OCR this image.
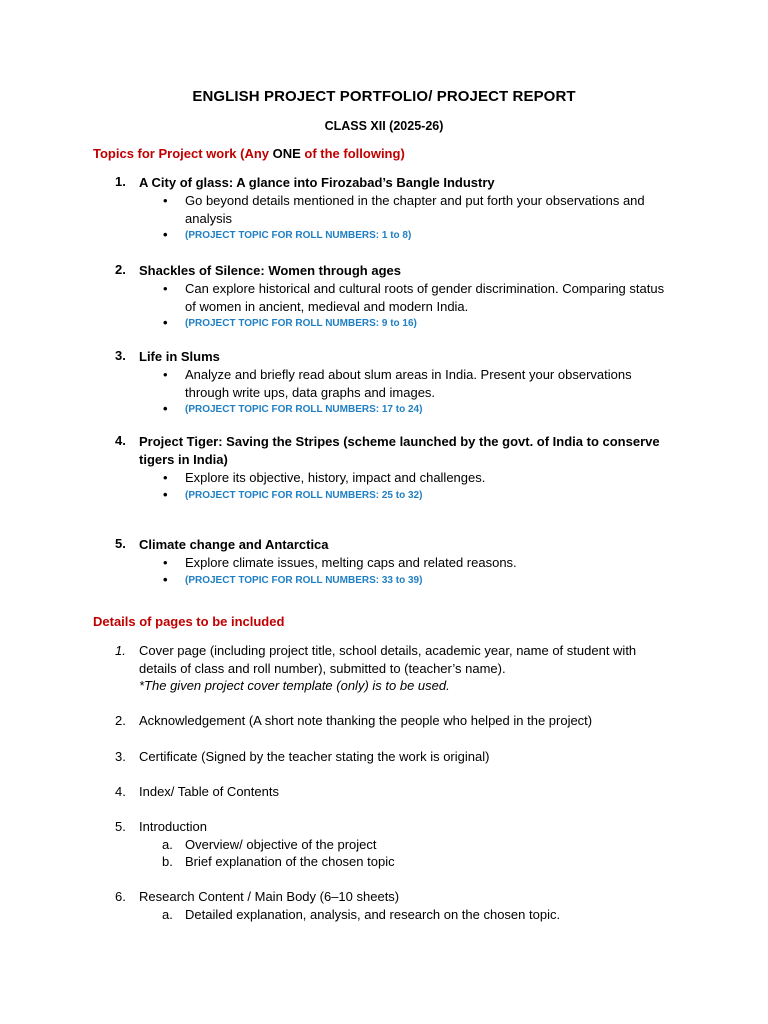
ENGLISH PROJECT PORTFOLIO/ PROJECT REPORT
CLASS XII (2025-26)
Topics for Project work (Any ONE of the following)
1. A City of glass: A glance into Firozabad’s Bangle Industry
• Go beyond details mentioned in the chapter and put forth your observations and analysis
• (PROJECT TOPIC FOR ROLL NUMBERS: 1 to 8)
2. Shackles of Silence: Women through ages
• Can explore historical and cultural roots of gender discrimination. Comparing status of women in ancient, medieval and modern India.
• (PROJECT TOPIC FOR ROLL NUMBERS: 9 to 16)
3. Life in Slums
• Analyze and briefly read about slum areas in India. Present your observations through write ups, data graphs and images.
• (PROJECT TOPIC FOR ROLL NUMBERS: 17 to 24)
4. Project Tiger: Saving the Stripes (scheme launched by the govt. of India to conserve tigers in India)
• Explore its objective, history, impact and challenges.
• (PROJECT TOPIC FOR ROLL NUMBERS: 25 to 32)
5. Climate change and Antarctica
• Explore climate issues, melting caps and related reasons.
• (PROJECT TOPIC FOR ROLL NUMBERS: 33 to 39)
Details of pages to be included
1. Cover page (including project title, school details, academic year, name of student with details of class and roll number), submitted to (teacher’s name).
*The given project cover template (only) is to be used.
2. Acknowledgement (A short note thanking the people who helped in the project)
3. Certificate (Signed by the teacher stating the work is original)
4. Index/ Table of Contents
5. Introduction
a. Overview/ objective of the project
b. Brief explanation of the chosen topic
6. Research Content / Main Body (6–10 sheets)
a. Detailed explanation, analysis, and research on the chosen topic.
